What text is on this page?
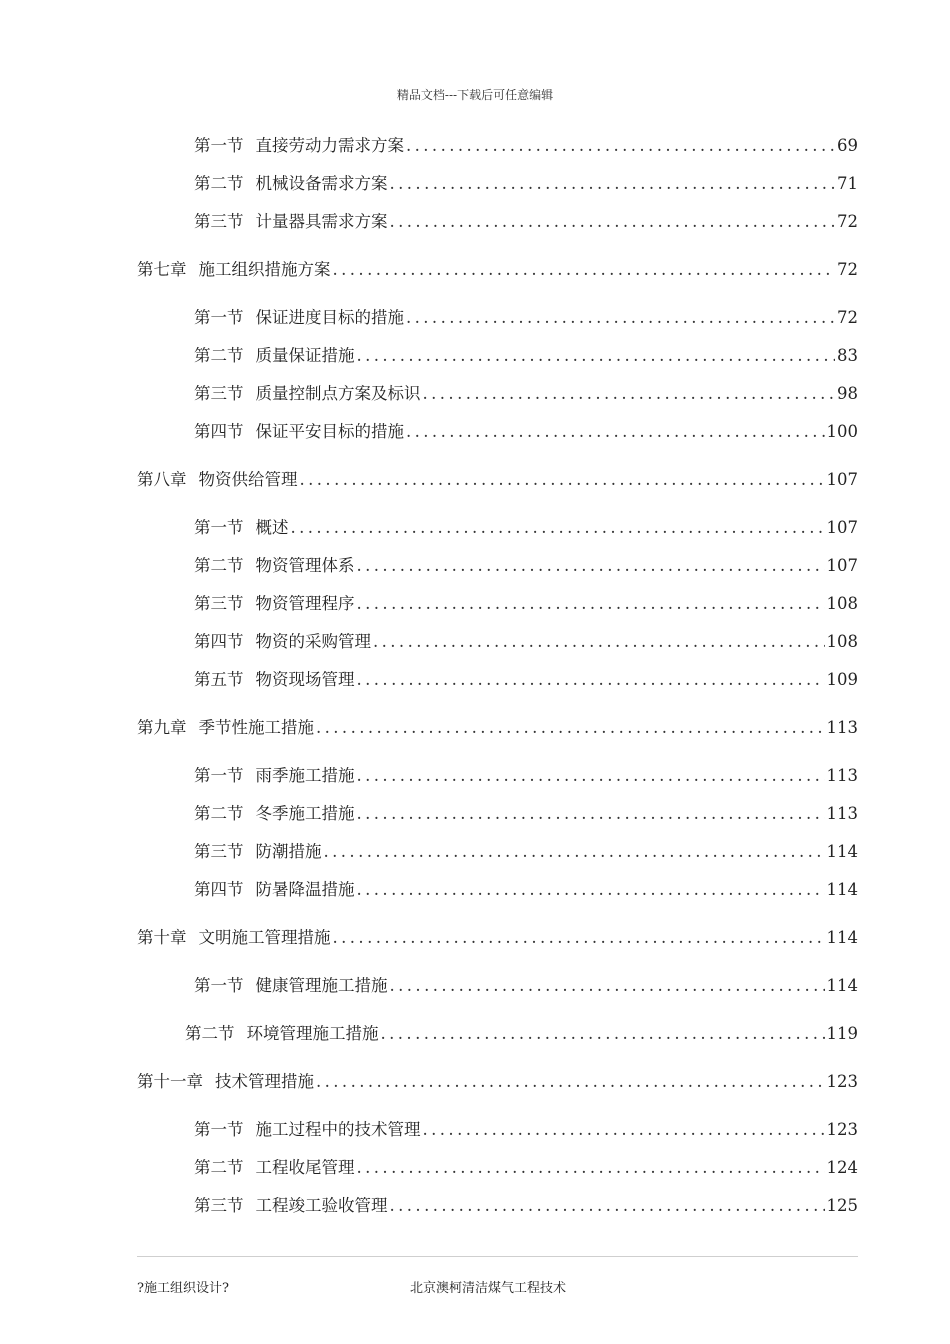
精品文档---下载后可任意编辑
第一节 直接劳动力需求方案 .....	69
第二节 机械设备需求方案 .....	71
第三节 计量器具需求方案 .....	72
第七章 施工组织措施方案 .....	72
第一节 保证进度目标的措施 .....	72
第二节 质量保证措施 .....	83
第三节 质量控制点方案及标识 .....	98
第四节 保证平安目标的措施 .....	100
第八章 物资供给管理 .....	107
第一节 概述 .....	107
第二节 物资管理体系 .....	107
第三节 物资管理程序 .....	108
第四节 物资的采购管理 .....	108
第五节 物资现场管理 .....	109
第九章 季节性施工措施 .....	113
第一节 雨季施工措施 .....	113
第二节 冬季施工措施 .....	113
第三节 防潮措施 .....	114
第四节 防暑降温措施 .....	114
第十章 文明施工管理措施 .....	114
第一节 健康管理施工措施 .....	114
第二节 环境管理施工措施 .....	119
第十一章 技术管理措施 .....	123
第一节 施工过程中的技术管理 .....	123
第二节 工程收尾管理 .....	124
第三节 工程竣工验收管理 .....	125
?施工组织设计?	北京澳柯清洁煤气工程技术
